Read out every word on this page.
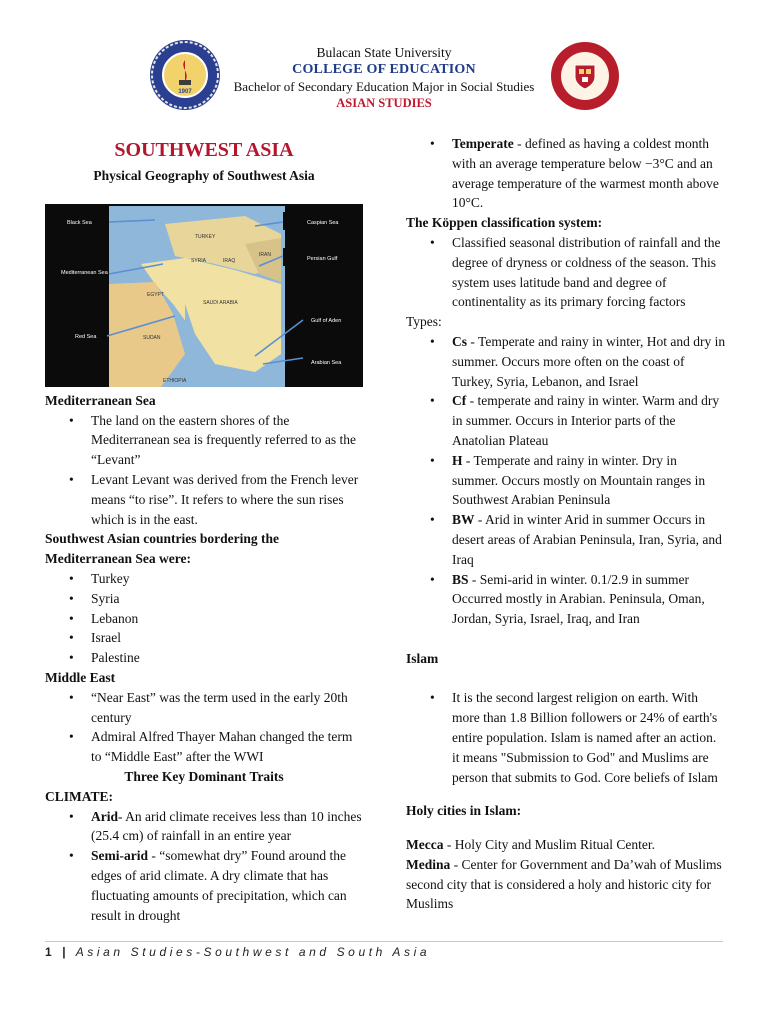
1907
Bulacan State University
COLLEGE OF EDUCATION
Bachelor of Secondary Education Major in Social Studies
ASIAN STUDIES
SOUTHWEST ASIA
Physical Geography of Southwest Asia
Black Sea
Mediterranean Sea
Red Sea
Caspian Sea
Persian Gulf
Gulf of Aden
Arabian Sea
TURKEY
SYRIA	IRAQ
IRAN
SAUDI ARABIA
EGYPT
SUDAN
ETHIOPIA
Mediterranean Sea
• The land on the eastern shores of the Mediterranean sea is frequently referred to as the “Levant”
• Levant Levant was derived from the French lever means “to rise”. It refers to where the sun rises which is in the east.
Southwest Asian countries bordering the Mediterranean Sea were:
• Turkey
• Syria
• Lebanon
• Israel
• Palestine
Middle East
• “Near East” was the term used in the early 20th century
• Admiral Alfred Thayer Mahan changed the term to “Middle East” after the WWI
Three Key Dominant Traits
CLIMATE:
• Arid- An arid climate receives less than 10 inches (25.4 cm) of rainfall in an entire year
• Semi-arid - “somewhat dry” Found around the edges of arid climate. A dry climate that has fluctuating amounts of precipitation, which can result in drought
• Temperate - defined as having a coldest month with an average temperature below −3°C and an average temperature of the warmest month above 10°C.
The Köppen classification system:
• Classified seasonal distribution of rainfall and the degree of dryness or coldness of the season. This system uses latitude band and degree of continentality as its primary forcing factors
Types:
• Cs - Temperate and rainy in winter, Hot and dry in summer. Occurs more often on the coast of Turkey, Syria, Lebanon, and Israel
• Cf - temperate and rainy in winter. Warm and dry in summer. Occurs in Interior parts of the Anatolian Plateau
• H - Temperate and rainy in winter. Dry in summer. Occurs mostly on Mountain ranges in Southwest Arabian Peninsula
• BW - Arid in winter Arid in summer Occurs in desert areas of Arabian Peninsula, Iran, Syria, and Iraq
• BS - Semi-arid in winter. 0.1/2.9 in summer Occurred mostly in Arabian. Peninsula, Oman, Jordan, Syria, Israel, Iraq, and Iran
Islam
• It is the second largest religion on earth. With more than 1.8 Billion followers or 24% of earth's entire population. Islam is named after an action. it means "Submission to God" and Muslims are person that submits to God. Core beliefs of Islam
Holy cities in Islam:
Mecca - Holy City and Muslim Ritual Center.
Medina - Center for Government and Da’wah of Muslims second city that is considered a holy and historic city for Muslims
1 | Asian Studies-Southwest and South Asia
